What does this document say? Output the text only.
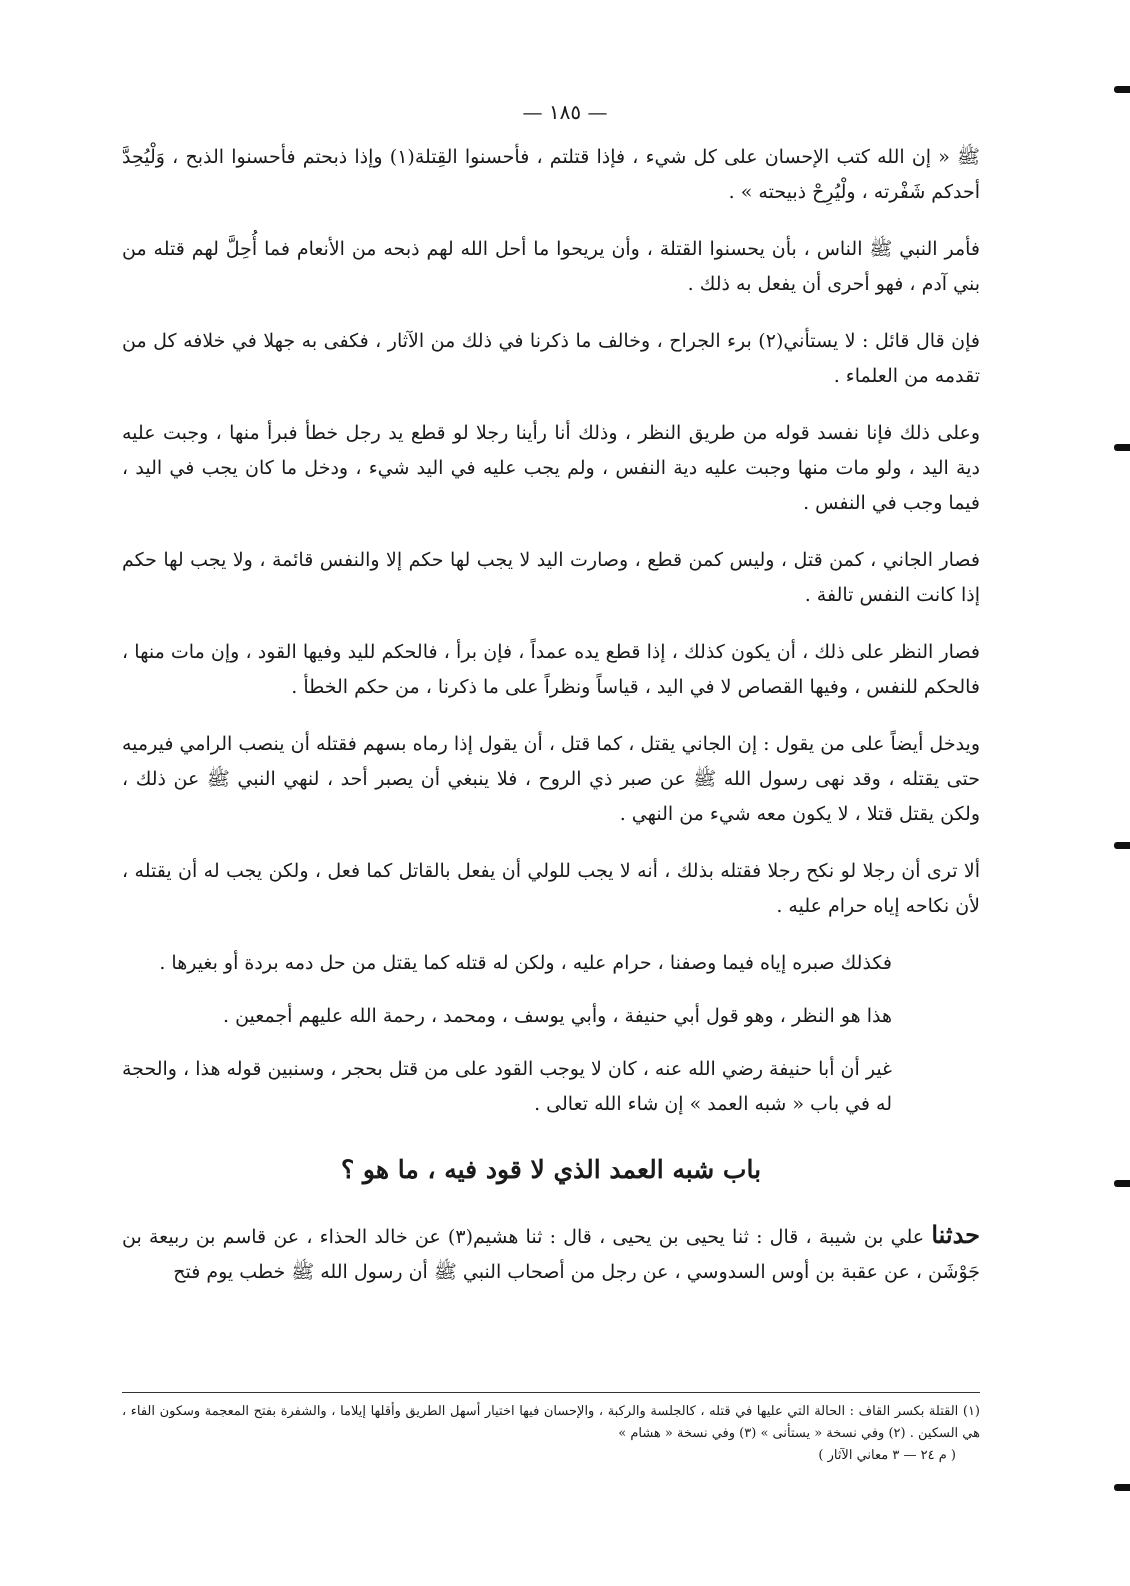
— ١٨٥ —

ﷺ « إن الله كتب الإحسان على كل شيء ، فإذا قتلتم ، فأحسنوا القِتلة(١) وإذا ذبحتم فأحسنوا الذبح ، وَلْيُحِدَّ أحدكم شَفْرته ، ولْيُرِحْ ذبيحته » .

فأمر النبي ﷺ الناس ، بأن يحسنوا القتلة ، وأن يريحوا ما أحل الله لهم ذبحه من الأنعام فما أُحِلَّ لهم قتله من بني آدم ، فهو أحرى أن يفعل به ذلك .

فإن قال قائل : لا يستأني(٢) برء الجراح ، وخالف ما ذكرنا في ذلك من الآثار ، فكفى به جهلا في خلافه كل من تقدمه من العلماء .

وعلى ذلك فإنا نفسد قوله من طريق النظر ، وذلك أنا رأينا رجلا لو قطع يد رجل خطأ فبرأ منها ، وجبت عليه دية اليد ، ولو مات منها وجبت عليه دية النفس ، ولم يجب عليه في اليد شيء ، ودخل ما كان يجب في اليد ، فيما وجب في النفس .

فصار الجاني ، كمن قتل ، وليس كمن قطع ، وصارت اليد لا يجب لها حكم إلا والنفس قائمة ، ولا يجب لها حكم إذا كانت النفس تالفة .

فصار النظر على ذلك ، أن يكون كذلك ، إذا قطع يده عمداً ، فإن برأ ، فالحكم لليد وفيها القود ، وإن مات منها ، فالحكم للنفس ، وفيها القصاص لا في اليد ، قياساً ونظراً على ما ذكرنا ، من حكم الخطأ .

ويدخل أيضاً على من يقول : إن الجاني يقتل ، كما قتل ، أن يقول إذا رماه بسهم فقتله أن ينصب الرامي فيرميه حتى يقتله ، وقد نهى رسول الله ﷺ عن صبر ذي الروح ، فلا ينبغي أن يصبر أحد ، لنهي النبي ﷺ عن ذلك ، ولكن يقتل قتلا ، لا يكون معه شيء من النهي .

ألا ترى أن رجلا لو نكح رجلا فقتله بذلك ، أنه لا يجب للولي أن يفعل بالقاتل كما فعل ، ولكن يجب له أن يقتله ، لأن نكاحه إياه حرام عليه .

فكذلك صبره إياه فيما وصفنا ، حرام عليه ، ولكن له قتله كما يقتل من حل دمه بردة أو بغيرها .

هذا هو النظر ، وهو قول أبي حنيفة ، وأبي يوسف ، ومحمد ، رحمة الله عليهم أجمعين .

غير أن أبا حنيفة رضي الله عنه ، كان لا يوجب القود على من قتل بحجر ، وسنبين قوله هذا ، والحجة له في باب « شبه العمد » إن شاء الله تعالى .

باب شبه العمد الذي لا قود فيه ، ما هو ؟

حدثنا علي بن شيبة ، قال : ثنا يحيى بن يحيى ، قال : ثنا هشيم(٣) عن خالد الحذاء ، عن قاسم بن ربيعة بن جَوْشَن ، عن عقبة بن أوس السدوسي ، عن رجل من أصحاب النبي ﷺ أن رسول الله ﷺ خطب يوم فتح

(١) القتلة بكسر القاف : الحالة التي عليها في قتله ، كالجلسة والركبة ، والإحسان فيها اختيار أسهل الطريق وأقلها إيلاما ، والشفرة بفتح المعجمة وسكون الفاء ، هي السكين . (٢) وفي نسخة « يستأنى » (٣) وفي نسخة « هشام »

( م ٢٤ — ٣ معاني الآثار )
